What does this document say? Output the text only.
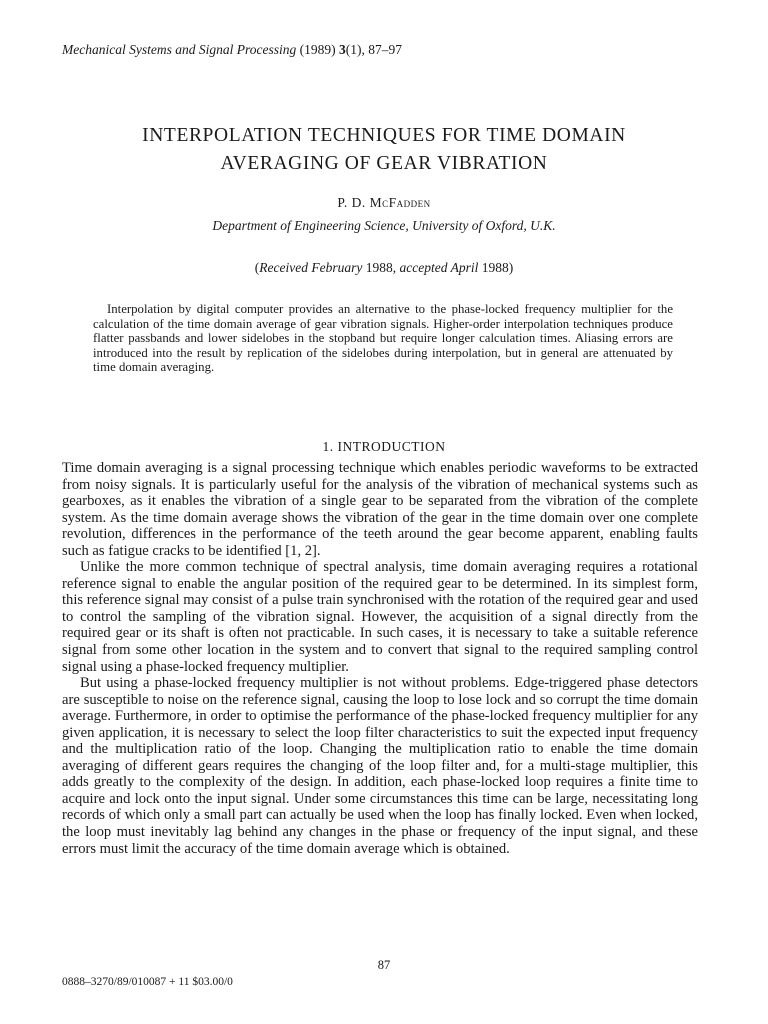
Mechanical Systems and Signal Processing (1989) 3(1), 87–97
INTERPOLATION TECHNIQUES FOR TIME DOMAIN
AVERAGING OF GEAR VIBRATION
P. D. McFadden
Department of Engineering Science, University of Oxford, U.K.
(Received February 1988, accepted April 1988)
Interpolation by digital computer provides an alternative to the phase-locked frequency multiplier for the calculation of the time domain average of gear vibration signals. Higher-order interpolation techniques produce flatter passbands and lower sidelobes in the stopband but require longer calculation times. Aliasing errors are introduced into the result by replication of the sidelobes during interpolation, but in general are attenuated by time domain averaging.
1. INTRODUCTION

Time domain averaging is a signal processing technique which enables periodic waveforms to be extracted from noisy signals. It is particularly useful for the analysis of the vibration of mechanical systems such as gearboxes, as it enables the vibration of a single gear to be separated from the vibration of the complete system. As the time domain average shows the vibration of the gear in the time domain over one complete revolution, differences in the performance of the teeth around the gear become apparent, enabling faults such as fatigue cracks to be identified [1, 2].

Unlike the more common technique of spectral analysis, time domain averaging requires a rotational reference signal to enable the angular position of the required gear to be determined. In its simplest form, this reference signal may consist of a pulse train synchronised with the rotation of the required gear and used to control the sampling of the vibration signal. However, the acquisition of a signal directly from the required gear or its shaft is often not practicable. In such cases, it is necessary to take a suitable reference signal from some other location in the system and to convert that signal to the required sampling control signal using a phase-locked frequency multiplier.

But using a phase-locked frequency multiplier is not without problems. Edge-triggered phase detectors are susceptible to noise on the reference signal, causing the loop to lose lock and so corrupt the time domain average. Furthermore, in order to optimise the performance of the phase-locked frequency multiplier for any given application, it is necessary to select the loop filter characteristics to suit the expected input frequency and the multiplication ratio of the loop. Changing the multiplication ratio to enable the time domain averaging of different gears requires the changing of the loop filter and, for a multi-stage multiplier, this adds greatly to the complexity of the design. In addition, each phase-locked loop requires a finite time to acquire and lock onto the input signal. Under some circumstances this time can be large, necessitating long records of which only a small part can actually be used when the loop has finally locked. Even when locked, the loop must inevitably lag behind any changes in the phase or frequency of the input signal, and these errors must limit the accuracy of the time domain average which is obtained.

87
0888–3270/89/010087 + 11 $03.00/0
